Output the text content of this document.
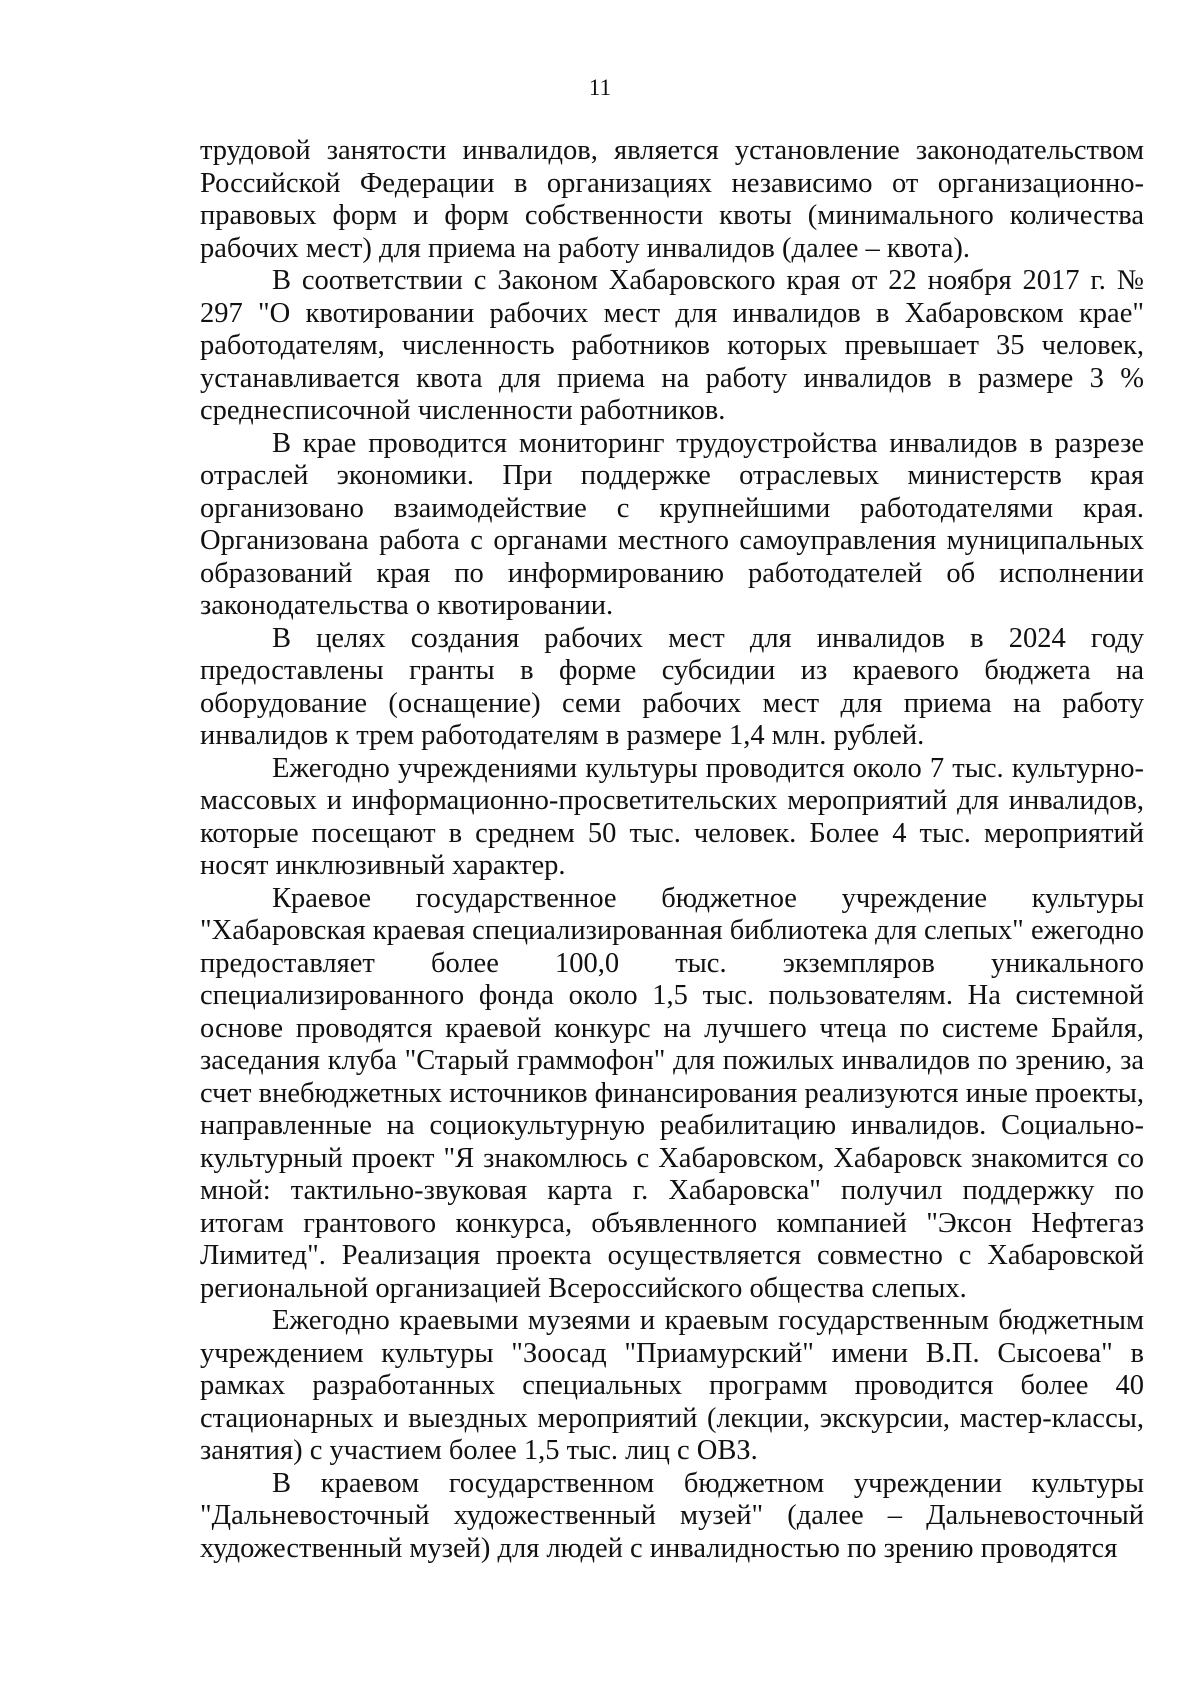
11

трудовой занятости инвалидов, является установление законодательством Российской Федерации в организациях независимо от организационно-правовых форм и форм собственности квоты (минимального количества рабочих мест) для приема на работу инвалидов (далее – квота).

В соответствии с Законом Хабаровского края от 22 ноября 2017 г. № 297 "О квотировании рабочих мест для инвалидов в Хабаровском крае" работодателям, численность работников которых превышает 35 человек, устанавливается квота для приема на работу инвалидов в размере 3 % среднесписочной численности работников.

В крае проводится мониторинг трудоустройства инвалидов в разрезе отраслей экономики. При поддержке отраслевых министерств края организовано взаимодействие с крупнейшими работодателями края. Организована работа с органами местного самоуправления муниципальных образований края по информированию работодателей об исполнении законодательства о квотировании.

В целях создания рабочих мест для инвалидов в 2024 году предоставлены гранты в форме субсидии из краевого бюджета на оборудование (оснащение) семи рабочих мест для приема на работу инвалидов к трем работодателям в размере 1,4 млн. рублей.

Ежегодно учреждениями культуры проводится около 7 тыс. культурно-массовых и информационно-просветительских мероприятий для инвалидов, которые посещают в среднем 50 тыс. человек. Более 4 тыс. мероприятий носят инклюзивный характер.

Краевое государственное бюджетное учреждение культуры "Хабаровская краевая специализированная библиотека для слепых" ежегодно предоставляет более 100,0 тыс. экземпляров уникального специализированного фонда около 1,5 тыс. пользователям. На системной основе проводятся краевой конкурс на лучшего чтеца по системе Брайля, заседания клуба "Старый граммофон" для пожилых инвалидов по зрению, за счет внебюджетных источников финансирования реализуются иные проекты, направленные на социокультурную реабилитацию инвалидов. Социально-культурный проект "Я знакомлюсь с Хабаровском, Хабаровск знакомится со мной: тактильно-звуковая карта г. Хабаровска" получил поддержку по итогам грантового конкурса, объявленного компанией "Эксон Нефтегаз Лимитед". Реализация проекта осуществляется совместно с Хабаровской региональной организацией Всероссийского общества слепых.

Ежегодно краевыми музеями и краевым государственным бюджетным учреждением культуры "Зоосад "Приамурский" имени В.П. Сысоева" в рамках разработанных специальных программ проводится более 40 стационарных и выездных мероприятий (лекции, экскурсии, мастер-классы, занятия) с участием более 1,5 тыс. лиц с ОВЗ.

В краевом государственном бюджетном учреждении культуры "Дальневосточный художественный музей" (далее – Дальневосточный художественный музей) для людей с инвалидностью по зрению проводятся
